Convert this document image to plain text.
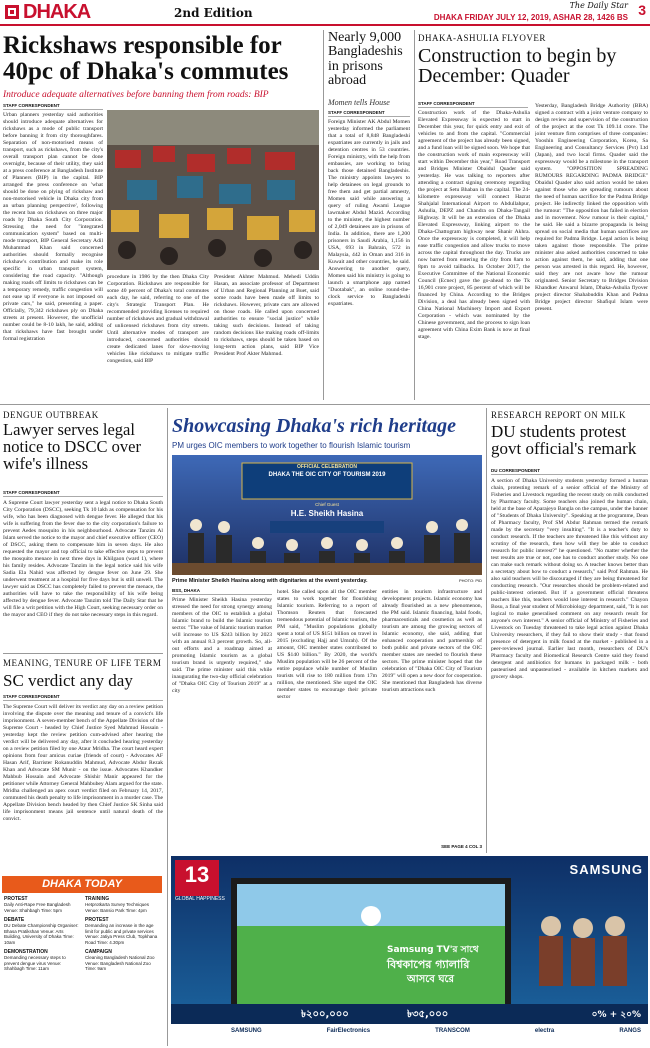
DHAKA	2nd Edition
The Daily Star
DHAKA FRIDAY JULY 12, 2019, ASHAR 28, 1426 BS 3
Rickshaws responsible for 40pc of Dhaka's commutes
Introduce adequate alternatives before banning them from roads: BIP
STAFF CORRESPONDENT
Urban planners yesterday said authorities should introduce adequate alternatives for rickshaws as a mode of public transport before banning it from city thoroughfares. Separation of non-motorised means of transport, such as rickshaws, from the city's overall transport plan cannot be done overnight, because of their utility, they said at a press conference at Bangladesh Institute of Planners (BIP) in the capital. BIP arranged the press conference on 'what should be done on plying of rickshaw and non-motorised vehicle in Dhaka city from an urban planning perspective', following the recent ban on rickshaws on three major roads by Dhaka South City Corporation. Stressing the need for "integrated communication system" based on multi-mode transport, BIP General Secretary Adil Muhammad Khan said concerned authorities should formally recognise rickshaw's contribution and make its role specific in urban transport system, considering the road capacity. "Although making roads off limits to rickshaws can be a temporary remedy, traffic congestion will not ease up if everyone is not imposed on private cars," he said, presenting a paper. Officially, 79,342 rickshaws ply on Dhaka streets at present. However, the unofficial number could be 8-10 lakh, he said, adding that rickshaws have fast brought under formal registration
procedure in 1986 by the then Dhaka City Corporation. Rickshaws are responsible for some 40 percent of Dhaka's total commutes each day, he said, referring to one of the city's Strategic Transport Plan. He recommended providing licenses to required number of rickshaws and gradual withdrawal of unlicensed rickshaws from city streets. Until alternative modes of transport are introduced, concerned authorities should create dedicated lanes for slow-moving vehicles like rickshaws to mitigate traffic congestion, said BIP
President Akhter Mahmud. Mehedi Uddin Hasan, an associate professor of Department of Urban and Regional Planning at Buet, said some roads have been made off limits to rickshaws. However, private cars are allowed on those roads. He called upon concerned authorities to ensure "social justice" while taking such decisions. Instead of taking random decisions like making roads off-limits to rickshaws, steps should be taken based on long-term action plans, said BIP Vice President Prof Akter Mahmud.
Nearly 9,000 Bangladeshis in prisons abroad
Momen tells House
STAFF CORRESPONDENT
Foreign Minister AK Abdul Momen yesterday informed the parliament that a total of 8,848 Bangladeshi expatriates are currently in jails and detention centres in 53 countries. Foreign ministry, with the help from embassies, are working to bring back those detained Bangladeshis. The ministry appoints lawyers to help detainees on legal grounds to free them and get partial amnesty, Momen said while answering a query of ruling Awami League lawmaker Abdul Mazid. According to the minister, the highest number of 2,049 detainees are in prisons of India. In addition, there are 1,200 prisoners in Saudi Arabia, 1,156 in USA, 693 in Bahrain, 572 in Malaysia, 442 in Oman and 316 in Kuwait and other countries, he said. Answering to another query, Momen said his ministry is going to launch a smartphone app named "Duotabak", an online round-the-clock service to Bangladeshi expatriates.
DHAKA-ASHULIA FLYOVER
Construction to begin by December: Quader
STAFF CORRESPONDENT
Construction work of the Dhaka-Ashulia Elevated Expressway is expected to start in December this year, for quick entry and exit of vehicles to and from the capital. "Commercial agreement of the project has already been signed, and a fund loan will be signed soon. We hope that the construction work of main expressway will start within December this year," Road Transport and Bridges Minister Obaidul Quader said yesterday. He was talking to reporters after attending a contract signing ceremony regarding the project at Setu Bhaban in the capital. The 24-kilometre expressway will connect Hazrat Shahjalal International Airport to Abdullahpur, Ashulia, DEPZ and Chandra on Dhaka-Tangail Highway. It will be an extension of the Dhaka Elevated Expressway, linking airport to the Dhaka-Chattogram highway near Shanir Akhra. Once the expressway is completed, it will help ease traffic congestion and allow trucks to move across the capital throughout the day. Trucks are now barred from entering the city from 8am to 8pm to avoid tailbacks. In October 2017, the Executive Committee of the National Economic Council (Ecnec) gave the go-ahead to the Tk 16,901 crore project, 85 percent of which will be financed by China. According to the Bridges Division, a deal has already been signed with China National Machinery Import and Export Corporation - which was nominated by the Chinese government, and the process to sign loan agreement with China Exim Bank is now at final stage.
Yesterday, Bangladesh Bridge Authority (BBA) signed a contract with a joint venture company to design review and supervision of the construction of the project at the cost Tk 109.14 crore. The joint venture firm comprises of three companies: Yooshin Engineering Corporation, Korea, Sa Engineering and Consultancy Services (Pvt) Ltd (Japan), and two local firms. Quader said the expressway would be a milestone in the transport system. "OPPOSITION SPREADING RUMOURS REGARDING PADMA BRIDGE" Obaidul Quader also said action would be taken against those who are spreading rumours about the need of human sacrifice for the Padma Bridge project. He indirectly linked the opposition with the rumour: "The opposition has failed in election and in movement. Now rumour is their capital," he said. He said a bizarre propaganda is being spread on social media that human sacrifices are required for Padma Bridge. Legal action is being taken against those responsible. The prime minister also asked authorities concerned to take action against them, he said, adding that one person was arrested in this regard. He, however, said they are not aware how the rumour originated. Senior Secretary to Bridges Division Khandker Anwarul Islam, Dhaka-Ashulia flyover project director Shahabuddin Khan and Padma Bridge project director Shafiqul Islam were present.
DENGUE OUTBREAK
Lawyer serves legal notice to DSCC over wife's illness
STAFF CORRESPONDENT
A Supreme Court lawyer yesterday sent a legal notice to Dhaka South City Corporation (DSCC), seeking Tk 10 lakh as compensation for his wife, who has been diagnosed with dengue fever. He alleged that his wife is suffering from the fever due to the city corporation's failure to prevent Aedes mosquito in his neighbourhood. Advocate Tanzim Al Islam served the notice to the mayor and chief executive officer (CEO) of DSCC, asking them to compensate him in seven days. He also requested the mayor and top official to take effective steps to prevent the mosquito menace in next three days in Khilgaon (ward 1), where his family resides. Advocate Tanzim in the legal notice said his wife Sadia Ela Nahid was affected by dengue fever on June 29. She underwent treatment at a hospital for five days but is still unwell. The lawyer said as DSCC has completely failed to prevent the menace, the authorities will have to take the responsibility of his wife being affected by dengue fever. Advocate Tanzim told The Daily Star that he will file a writ petition with the High Court, seeking necessary order on the mayor and CEO if they do not take necessary steps in this regard.
MEANING, TENURE OF LIFE TERM
SC verdict any day
STAFF CORRESPONDENT
The Supreme Court will deliver its verdict any day on a review petition involving the dispute over the meaning and tenure of a convict's life imprisonment. A seven-member bench of the Appellate Division of the Supreme Court - headed by Chief Justice Syed Mahmud Hossain - yesterday kept the review petition cum-advised after hearing the verdict will be delivered any day, after it concluded hearing yesterday on a review petition filed by one Ataur Mridha. The court heard expert opinions from four amicus curiae (friends of court) - Advocates AF Hasan Arif, Barrister Rokanuddin Mahmud, Advocate Abdur Rezak Khan and Advocate SM Munir - on the issue. Advocates Khandker Mahbub Hossain and Advocate Shishir Manir appeared for the petitioner while Attorney General Mahbubey Alam argued for the state. Mridha challenged an apex court verdict filed on February 14, 2017, commuted his death penalty to life imprisonment in a murder case. The Appellate Division bench headed by then Chief Justice SK Sinha said life imprisonment means jail sentence until natural death of the convict.
DHAKA TODAY
PROTEST
Daily Anti-Rape Free Bangladesh Venue: Shahbagh Time: 5pm
TRAINING
Hetprotkarta Survey Techniques Venue: Bansio Park Time: 4pm
DEBATE
DU Debate Championship Organiser: Bhasa Pratikshan Venue: Arts Building, University of Dhaka Time: 10am
PROTEST
Demanding an increase in the age limit for public and private services Venue: Jatiya Press Club, Topkhana Road Time: 4.30pm
DEMONSTRATION
Demanding necessary steps to prevent dengue virus Venue: Shahbagh Time: 11am
CAMPAIGN
Cleaning Bangladesh National Zoo Venue: Bangladesh National Zoo Time: 9am
Showcasing Dhaka's rich heritage
PM urges OIC members to work together to flourish Islamic tourism
OFFICIAL CELEBRATION
DHAKA THE OIC CITY OF TOURISM 2019
Chief Guest
H.E. Sheikh Hasina
Prime Minister Sheikh Hasina along with dignitaries at the event yesterday.	PHOTO: PID
BSS, DHAKA
Prime Minister Sheikh Hasina yesterday stressed the need for strong synergy among members of the OIC to establish a global Islamic brand to build the Islamic tourism sector. "The value of Islamic tourism market will increase to US $243 billion by 2023 with an annual 8.3 percent growth. So, all-out efforts and a roadmap aimed at promoting Islamic tourism as a global tourism brand is urgently required," she said. The prime minister said this while inaugurating the two-day official celebration of "Dhaka OIC City of Tourism 2019" at a city
hotel. She called upon all the OIC member states to work together for flourishing Islamic tourism. Referring to a report of Thomson Reuters that forecasted tremendous potential of Islamic tourism, the PM said, "Muslim populations globally spent a total of US $151 billion on travel in 2015 (excluding Hajj and Umrah). Of the amount, OIC member states contributed to US $140 billion." By 2020, the world's Muslim population will be 26 percent of the entire populace while number of Muslim tourists will rise to 180 million from 17m million, she mentioned. She urged the OIC member states to encourage their private sector
entities in tourism infrastructure and development projects. Islamic economy has already flourished as a new phenomenon, the PM said. Islamic financing, halal foods, pharmaceuticals and cosmetics as well as tourism are among the growing sectors of Islamic economy, she said, adding that enhanced cooperation and partnership of both public and private sectors of the OIC member states are needed to flourish these sectors. The prime minister hoped that the celebration of "Dhaka OIC City of Tourism 2019" will open a new door for cooperation. She mentioned that Bangladesh has diverse tourism attractions such
SEE PAGE 4 COL 3
RESEARCH REPORT ON MILK
DU students protest govt official's remark
DU CORRESPONDENT
A section of Dhaka University students yesterday formed a human chain, protesting remark of a senior official of the Ministry of Fisheries and Livestock regarding the recent study on milk conducted by Pharmacy faculty. Some teachers also joined the human chain, held at the base of Aparajeyo Bangla on the campus, under the banner of "Students of Dhaka University". Speaking at the programme, Dean of Pharmacy faculty, Prof SM Abdur Rahman termed the remark made by the secretary "very insulting". "It is a teacher's duty to conduct research. If the teachers are threatened like this without any scrutiny of the research, then how will they be able to conduct research for public interest?" he questioned. "No matter whether the test results are true or not, one has to conduct another study. No one can make such remark without doing so. A teacher knows better than a secretary about how to conduct a research," said Prof Rahman. He also said teachers will be discouraged if they are being threatened for conducting research. "Our researches should be problem-related and public-interest oriented. But if a government official threatens teachers like this, teachers would lose interest in research." Chayon Bosu, a final year student of Microbiology department, said, "It is not logical to make generalised comment on any research result for anyone's own interest." A senior official of Ministry of Fisheries and Livestock on Tuesday threatened to take legal action against Dhaka University researchers, if they fail to show their study - that found presence of detergent in milk found at the market - published in a peer-reviewed journal. Earlier last month, researchers of DU's Pharmacy faculty and Biomedical Research Centre said they found detergent and antibiotics for humans in packaged milk - both pasteurised and unpasteurised - available in kitchen markets and grocery shops.
13
GLOBAL HAPPINESS
SAMSUNG
Samsung TV'র সাথে
বিশ্বকাপের গ্যালারি
আসবে ঘরে
৳২০০,০০০	৳৩৫,০০০	০% + ২০%
SAMSUNG	FairElectronics	TRANSCOM	electra	RANGS
